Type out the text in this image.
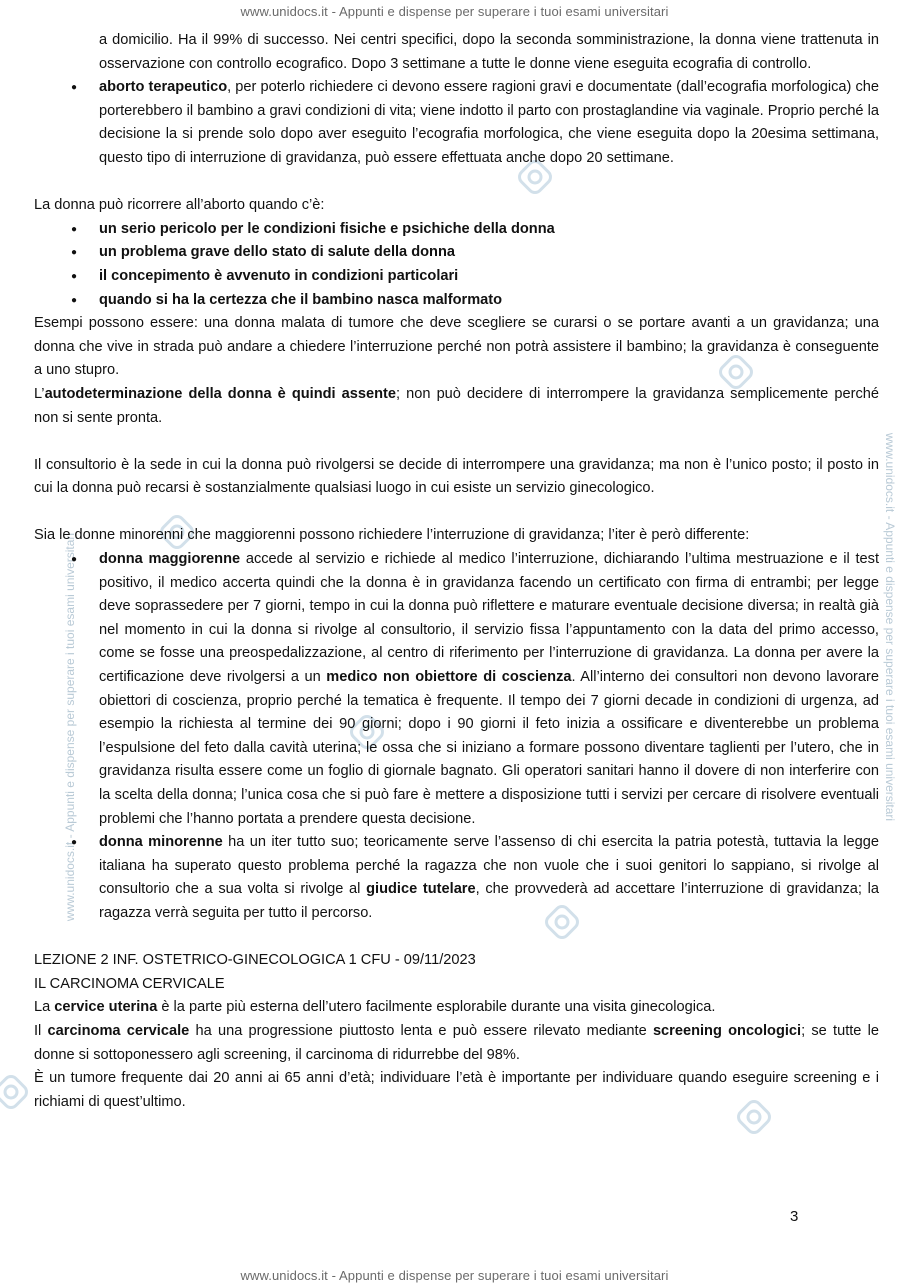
www.unidocs.it - Appunti e dispense per superare i tuoi esami universitari
www.unidocs.it - Appunti e dispense per superare i tuoi esami universitari	www.unidocs.it - Appunti e dispense per superare i tuoi esami universitari

a domicilio. Ha il 99% di successo. Nei centri specifici, dopo la seconda somministrazione, la donna viene trattenuta in osservazione con controllo ecografico. Dopo 3 settimane a tutte le donne viene eseguita ecografia di controllo.

● aborto terapeutico, per poterlo richiedere ci devono essere ragioni gravi e documentate (dall’ecografia morfologica) che porterebbero il bambino a gravi condizioni di vita; viene indotto il parto con prostaglandine via vaginale. Proprio perché la decisione la si prende solo dopo aver eseguito l’ecografia morfologica, che viene eseguita dopo la 20esima settimana, questo tipo di interruzione di gravidanza, può essere effettuata anche dopo 20 settimane.

La donna può ricorrere all’aborto quando c’è:

● un serio pericolo per le condizioni fisiche e psichiche della donna
● un problema grave dello stato di salute della donna
● il concepimento è avvenuto in condizioni particolari
● quando si ha la certezza che il bambino nasca malformato

Esempi possono essere: una donna malata di tumore che deve scegliere se curarsi o se portare avanti a un gravidanza; una donna che vive in strada può andare a chiedere l’interruzione perché non potrà assistere il bambino; la gravidanza è conseguente a uno stupro.

L’autodeterminazione della donna è quindi assente; non può decidere di interrompere la gravidanza semplicemente perché non si sente pronta.

Il consultorio è la sede in cui la donna può rivolgersi se decide di interrompere una gravidanza; ma non è l’unico posto; il posto in cui la donna può recarsi è sostanzialmente qualsiasi luogo in cui esiste un servizio ginecologico.

Sia le donne minorenni che maggiorenni possono richiedere l’interruzione di gravidanza; l’iter è però differente:

● donna maggiorenne accede al servizio e richiede al medico l’interruzione, dichiarando l’ultima mestruazione e il test positivo, il medico accerta quindi che la donna è in gravidanza facendo un certificato con firma di entrambi; per legge deve soprassedere per 7 giorni, tempo in cui la donna può riflettere e maturare eventuale decisione diversa; in realtà già nel momento in cui la donna si rivolge al consultorio, il servizio fissa l’appuntamento con la data del primo accesso, come se fosse una preospedalizzazione, al centro di riferimento per l’interruzione di gravidanza. La donna per avere la certificazione deve rivolgersi a un medico non obiettore di coscienza. All’interno dei consultori non devono lavorare obiettori di coscienza, proprio perché la tematica è frequente. Il tempo dei 7 giorni decade in condizioni di urgenza, ad esempio la richiesta al termine dei 90 giorni; dopo i 90 giorni il feto inizia a ossificare e diventerebbe un problema l’espulsione del feto dalla cavità uterina; le ossa che si iniziano a formare possono diventare taglienti per l’utero, che in gravidanza risulta essere come un foglio di giornale bagnato. Gli operatori sanitari hanno il dovere di non interferire con la scelta della donna; l’unica cosa che si può fare è mettere a disposizione tutti i servizi per cercare di risolvere eventuali problemi che l’hanno portata a prendere questa decisione.
● donna minorenne ha un iter tutto suo; teoricamente serve l’assenso di chi esercita la patria potestà, tuttavia la legge italiana ha superato questo problema perché la ragazza che non vuole che i suoi genitori lo sappiano, si rivolge al consultorio che a sua volta si rivolge al giudice tutelare, che provvederà ad accettare l’interruzione di gravidanza; la ragazza verrà seguita per tutto il percorso.

LEZIONE 2 INF. OSTETRICO-GINECOLOGICA 1 CFU - 09/11/2023

IL CARCINOMA CERVICALE

La cervice uterina è la parte più esterna dell’utero facilmente esplorabile durante una visita ginecologica.

Il carcinoma cervicale ha una progressione piuttosto lenta e può essere rilevato mediante screening oncologici; se tutte le donne si sottoponessero agli screening, il carcinoma di ridurrebbe del 98%.

È un tumore frequente dai 20 anni ai 65 anni d’età; individuare l’età è importante per individuare quando eseguire screening e i richiami di quest’ultimo.

3
www.unidocs.it - Appunti e dispense per superare i tuoi esami universitari
